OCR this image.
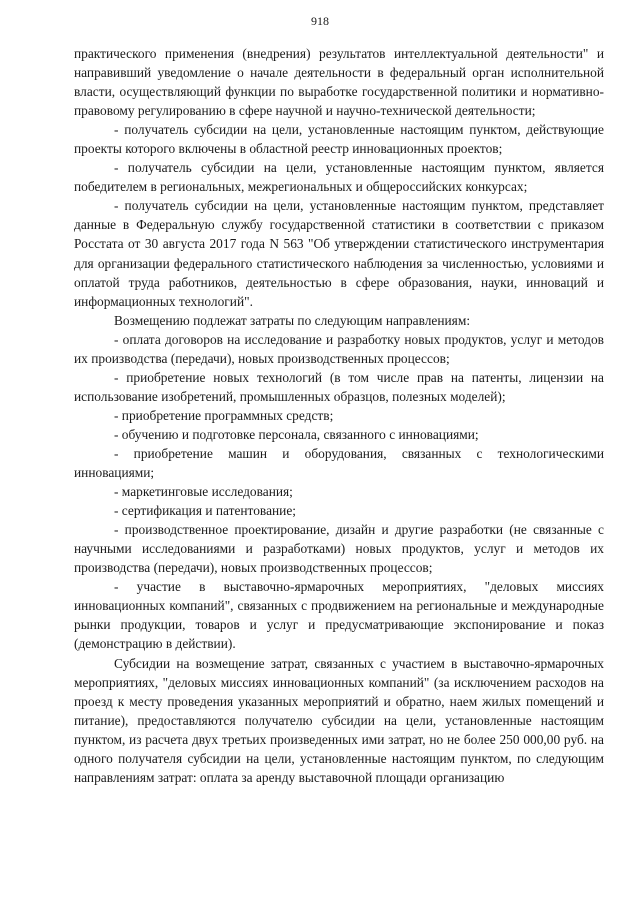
918

практического применения (внедрения) результатов интеллектуальной деятельности" и направивший уведомление о начале деятельности в федеральный орган исполнительной власти, осуществляющий функции по выработке государственной политики и нормативно-правовому регулированию в сфере научной и научно-технической деятельности;

- получатель субсидии на цели, установленные настоящим пунктом, действующие проекты которого включены в областной реестр инновационных проектов;

- получатель субсидии на цели, установленные настоящим пунктом, является победителем в региональных, межрегиональных и общероссийских конкурсах;

- получатель субсидии на цели, установленные настоящим пунктом, представляет данные в Федеральную службу государственной статистики в соответствии с приказом Росстата от 30 августа 2017 года N 563 "Об утверждении статистического инструментария для организации федерального статистического наблюдения за численностью, условиями и оплатой труда работников, деятельностью в сфере образования, науки, инноваций и информационных технологий".

Возмещению подлежат затраты по следующим направлениям:

- оплата договоров на исследование и разработку новых продуктов, услуг и методов их производства (передачи), новых производственных процессов;

- приобретение новых технологий (в том числе прав на патенты, лицензии на использование изобретений, промышленных образцов, полезных моделей);

- приобретение программных средств;

- обучению и подготовке персонала, связанного с инновациями;

- приобретение машин и оборудования, связанных с технологическими инновациями;

- маркетинговые исследования;

- сертификация и патентование;

- производственное проектирование, дизайн и другие разработки (не связанные с научными исследованиями и разработками) новых продуктов, услуг и методов их производства (передачи), новых производственных процессов;

- участие в выставочно-ярмарочных мероприятиях, "деловых миссиях инновационных компаний", связанных с продвижением на региональные и международные рынки продукции, товаров и услуг и предусматривающие экспонирование и показ (демонстрацию в действии).

Субсидии на возмещение затрат, связанных с участием в выставочно-ярмарочных мероприятиях, "деловых миссиях инновационных компаний" (за исключением расходов на проезд к месту проведения указанных мероприятий и обратно, наем жилых помещений и питание), предоставляются получателю субсидии на цели, установленные настоящим пунктом, из расчета двух третьих произведенных ими затрат, но не более 250 000,00 руб. на одного получателя субсидии на цели, установленные настоящим пунктом, по следующим направлениям затрат: оплата за аренду выставочной площади организацию
